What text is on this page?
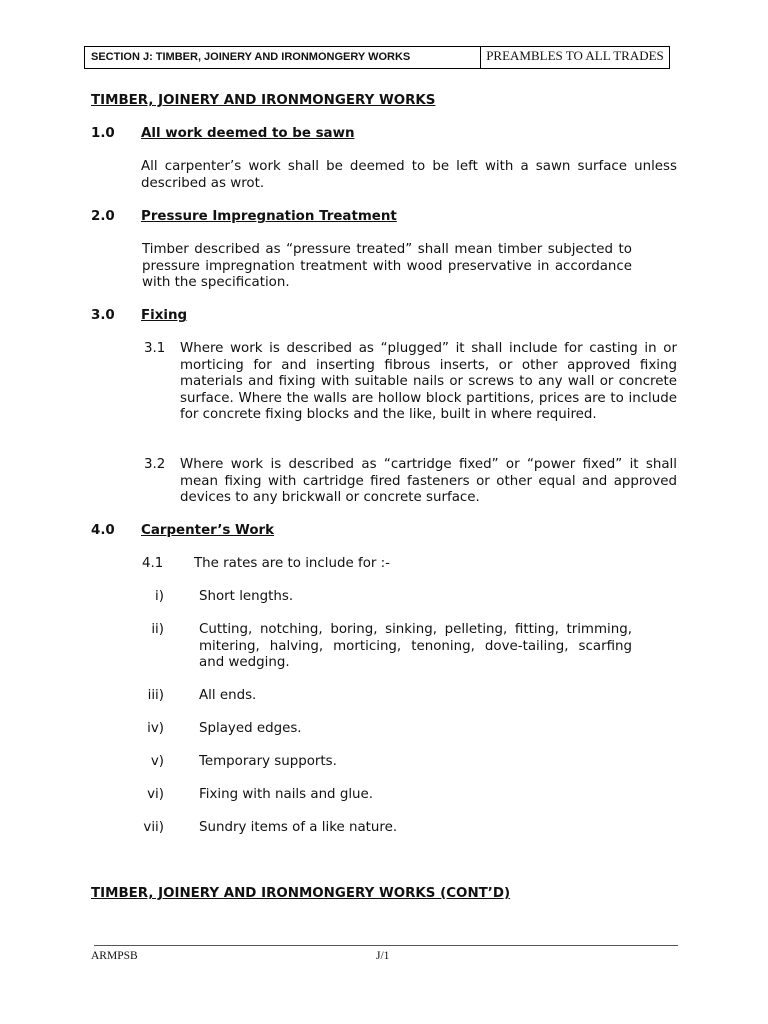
SECTION J: TIMBER, JOINERY AND IRONMONGERY WORKS	PREAMBLES TO ALL TRADES
TIMBER, JOINERY AND IRONMONGERY WORKS
1.0 All work deemed to be sawn
All carpenter’s work shall be deemed to be left with a sawn surface unless described as wrot.
2.0 Pressure Impregnation Treatment
Timber described as “pressure treated” shall mean timber subjected to pressure impregnation treatment with wood preservative in accordance with the specification.
3.0 Fixing
3.1 Where work is described as “plugged” it shall include for casting in or morticing for and inserting fibrous inserts, or other approved fixing materials and fixing with suitable nails or screws to any wall or concrete surface. Where the walls are hollow block partitions, prices are to include for concrete fixing blocks and the like, built in where required.
3.2 Where work is described as “cartridge fixed” or “power fixed” it shall mean fixing with cartridge fired fasteners or other equal and approved devices to any brickwall or concrete surface.
4.0 Carpenter’s Work
4.1 The rates are to include for :-
i)	Short lengths.
ii)	Cutting, notching, boring, sinking, pelleting, fitting, trimming, mitering, halving, morticing, tenoning, dove-tailing, scarfing and wedging.
iii)	All ends.
iv)	Splayed edges.
v)	Temporary supports.
vi)	Fixing with nails and glue.
vii)	Sundry items of a like nature.
TIMBER, JOINERY AND IRONMONGERY WORKS (CONT’D)
ARMPSB	J/1
